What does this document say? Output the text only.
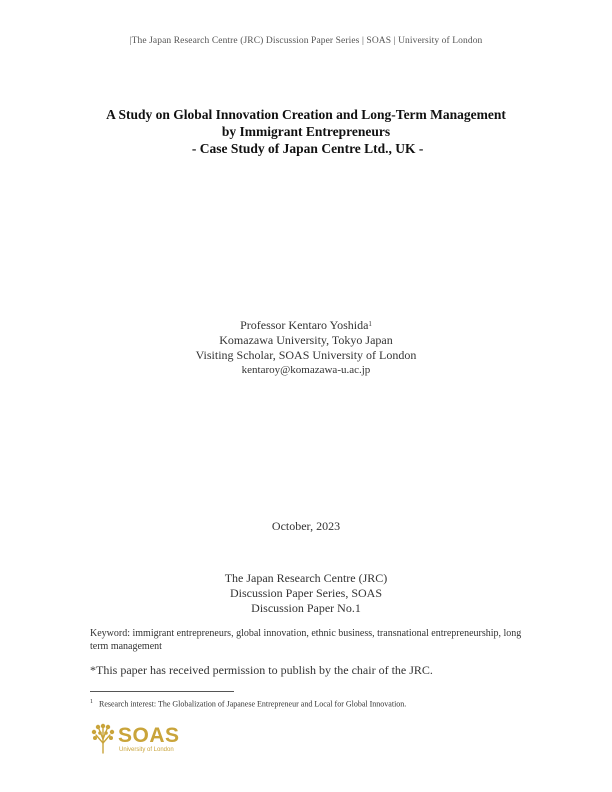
|The Japan Research Centre (JRC) Discussion Paper Series | SOAS | University of London
A Study on Global Innovation Creation and Long-Term Management
by Immigrant Entrepreneurs
- Case Study of Japan Centre Ltd., UK -
Professor Kentaro Yoshida$^1$
Komazawa University, Tokyo Japan
Visiting Scholar, SOAS University of London
kentaroy@komazawa-u.ac.jp
October, 2023
The Japan Research Centre (JRC)
Discussion Paper Series, SOAS
Discussion Paper No.1
Keyword: immigrant entrepreneurs, global innovation, ethnic business, transnational entrepreneurship, long term management
*This paper has received permission to publish by the chair of the JRC.
$^1$ Research interest: The Globalization of Japanese Entrepreneur and Local for Global Innovation.
SOAS
University of London
